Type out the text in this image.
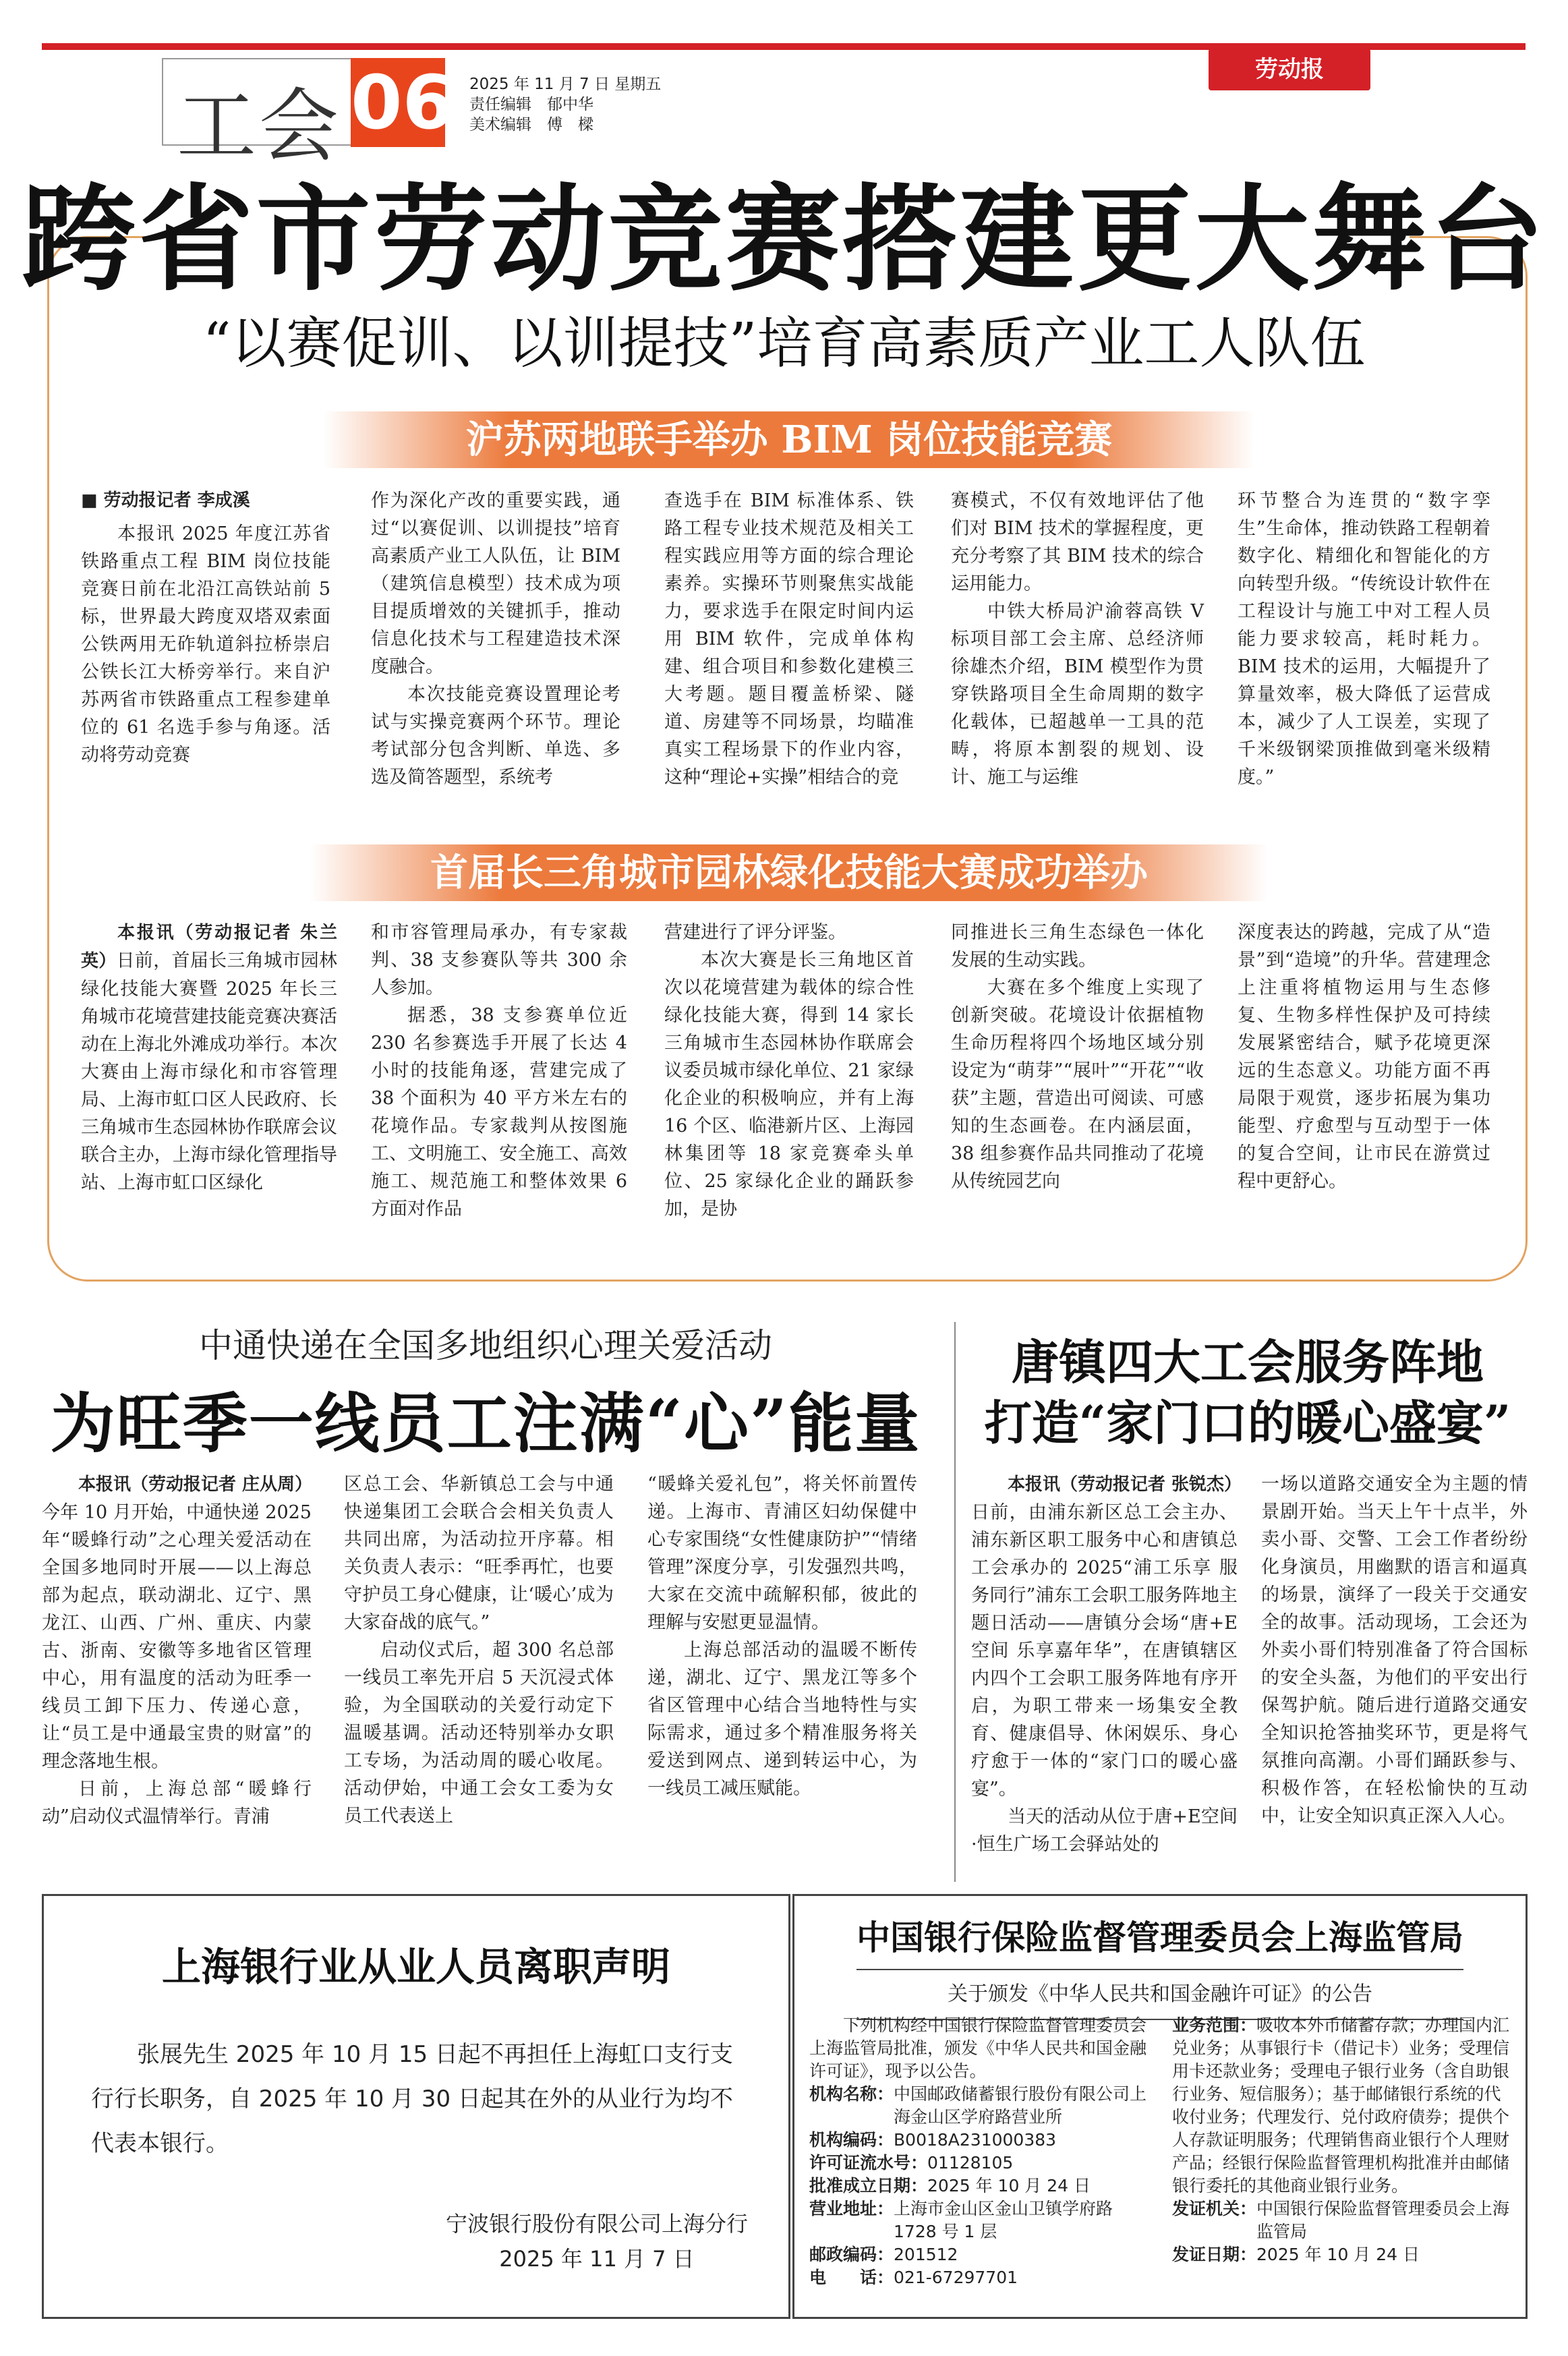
工会 06 2025 年 11 月 7 日 星期五
责任编辑　郁中华
美术编辑　傅　樑
劳动报
跨省市劳动竞赛搭建更大舞台
“以赛促训、以训提技”培育高素质产业工人队伍
沪苏两地联手举办 BIM 岗位技能竞赛

■ 劳动报记者 李成溪

本报讯 2025 年度江苏省铁路重点工程 BIM 岗位技能竞赛日前在北沿江高铁站前 5 标，世界最大跨度双塔双索面公铁两用无砟轨道斜拉桥崇启公铁长江大桥旁举行。来自沪苏两省市铁路重点工程参建单位的 61 名选手参与角逐。活动将劳动竞赛

作为深化产改的重要实践，通过“以赛促训、以训提技”培育高素质产业工人队伍，让 BIM（建筑信息模型）技术成为项目提质增效的关键抓手，推动信息化技术与工程建造技术深度融合。

本次技能竞赛设置理论考试与实操竞赛两个环节。理论考试部分包含判断、单选、多选及简答题型，系统考

查选手在 BIM 标准体系、铁路工程专业技术规范及相关工程实践应用等方面的综合理论素养。实操环节则聚焦实战能力，要求选手在限定时间内运用 BIM 软件，完成单体构建、组合项目和参数化建模三大考题。题目覆盖桥梁、隧道、房建等不同场景，均瞄准真实工程场景下的作业内容，这种“理论+实操”相结合的竞

赛模式，不仅有效地评估了他们对 BIM 技术的掌握程度，更充分考察了其 BIM 技术的综合运用能力。

中铁大桥局沪渝蓉高铁 V 标项目部工会主席、总经济师徐雄杰介绍，BIM 模型作为贯穿铁路项目全生命周期的数字化载体，已超越单一工具的范畴，将原本割裂的规划、设计、施工与运维

环节整合为连贯的“数字孪生”生命体，推动铁路工程朝着数字化、精细化和智能化的方向转型升级。“传统设计软件在工程设计与施工中对工程人员能力要求较高，耗时耗力。BIM 技术的运用，大幅提升了算量效率，极大降低了运营成本，减少了人工误差，实现了千米级钢梁顶推做到毫米级精度。”

首届长三角城市园林绿化技能大赛成功举办

本报讯（劳动报记者 朱兰英）日前，首届长三角城市园林绿化技能大赛暨 2025 年长三角城市花境营建技能竞赛决赛活动在上海北外滩成功举行。本次大赛由上海市绿化和市容管理局、上海市虹口区人民政府、长三角城市生态园林协作联席会议联合主办，上海市绿化管理指导站、上海市虹口区绿化

和市容管理局承办，有专家裁判、38 支参赛队等共 300 余人参加。

据悉，38 支参赛单位近 230 名参赛选手开展了长达 4 小时的技能角逐，营建完成了 38 个面积为 40 平方米左右的花境作品。专家裁判从按图施工、文明施工、安全施工、高效施工、规范施工和整体效果 6 方面对作品

营建进行了评分评鉴。

本次大赛是长三角地区首次以花境营建为载体的综合性绿化技能大赛，得到 14 家长三角城市生态园林协作联席会议委员城市绿化单位、21 家绿化企业的积极响应，并有上海 16 个区、临港新片区、上海园林集团等 18 家竞赛牵头单位、25 家绿化企业的踊跃参加，是协

同推进长三角生态绿色一体化发展的生动实践。

大赛在多个维度上实现了创新突破。花境设计依据植物生命历程将四个场地区域分别设定为“萌芽”“展叶”“开花”“收获”主题，营造出可阅读、可感知的生态画卷。在内涵层面，38 组参赛作品共同推动了花境从传统园艺向

深度表达的跨越，完成了从“造景”到“造境”的升华。营建理念上注重将植物运用与生态修复、生物多样性保护及可持续发展紧密结合，赋予花境更深远的生态意义。功能方面不再局限于观赏，逐步拓展为集功能型、疗愈型与互动型于一体的复合空间，让市民在游赏过程中更舒心。

中通快递在全国多地组织心理关爱活动
为旺季一线员工注满“心”能量

本报讯（劳动报记者 庄从周）今年 10 月开始，中通快递 2025 年“暖蜂行动”之心理关爱活动在全国多地同时开展——以上海总部为起点，联动湖北、辽宁、黑龙江、山西、广州、重庆、内蒙古、浙南、安徽等多地省区管理中心，用有温度的活动为旺季一线员工卸下压力、传递心意，让“员工是中通最宝贵的财富”的理念落地生根。

日前，上海总部“暖蜂行动”启动仪式温情举行。青浦

区总工会、华新镇总工会与中通快递集团工会联合会相关负责人共同出席，为活动拉开序幕。相关负责人表示：“旺季再忙，也要守护员工身心健康，让‘暖心’成为大家奋战的底气。”

启动仪式后，超 300 名总部一线员工率先开启 5 天沉浸式体验，为全国联动的关爱行动定下温暖基调。活动还特别举办女职工专场，为活动周的暖心收尾。活动伊始，中通工会女工委为女员工代表送上

“暖蜂关爱礼包”，将关怀前置传递。上海市、青浦区妇幼保健中心专家围绕“女性健康防护”“情绪管理”深度分享，引发强烈共鸣，大家在交流中疏解积郁，彼此的理解与安慰更显温情。

上海总部活动的温暖不断传递，湖北、辽宁、黑龙江等多个省区管理中心结合当地特性与实际需求，通过多个精准服务将关爱送到网点、递到转运中心，为一线员工减压赋能。

唐镇四大工会服务阵地
打造“家门口的暖心盛宴”

本报讯（劳动报记者 张锐杰）日前，由浦东新区总工会主办、浦东新区职工服务中心和唐镇总工会承办的 2025“浦工乐享 服务同行”浦东工会职工服务阵地主题日活动——唐镇分会场“唐+E 空间 乐享嘉年华”，在唐镇辖区内四个工会职工服务阵地有序开启，为职工带来一场集安全教育、健康倡导、休闲娱乐、身心疗愈于一体的“家门口的暖心盛宴”。

当天的活动从位于唐+E空间·恒生广场工会驿站处的

一场以道路交通安全为主题的情景剧开始。当天上午十点半，外卖小哥、交警、工会工作者纷纷化身演员，用幽默的语言和逼真的场景，演绎了一段关于交通安全的故事。活动现场，工会还为外卖小哥们特别准备了符合国标的安全头盔，为他们的平安出行保驾护航。随后进行道路交通安全知识抢答抽奖环节，更是将气氛推向高潮。小哥们踊跃参与、积极作答，在轻松愉快的互动中，让安全知识真正深入人心。

上海银行业从业人员离职声明
张展先生 2025 年 10 月 15 日起不再担任上海虹口支行支行行长职务，自 2025 年 10 月 30 日起其在外的从业行为均不代表本银行。
宁波银行股份有限公司上海分行
2025 年 11 月 7 日
中国银行保险监督管理委员会上海监管局
关于颁发《中华人民共和国金融许可证》的公告

下列机构经中国银行保险监督管理委员会上海监管局批准，颁发《中华人民共和国金融许可证》，现予以公告。

机构名称： 中国邮政储蓄银行股份有限公司上海金山区学府路营业所
机构编码： B0018A231000383
许可证流水号： 01128105
批准成立日期： 2025 年 10 月 24 日
营业地址： 上海市金山区金山卫镇学府路 1728 号 1 层
邮政编码： 201512
电　　话： 021-67297701

业务范围：吸收本外币储蓄存款；办理国内汇兑业务；从事银行卡（借记卡）业务；受理信用卡还款业务；受理电子银行业务（含自助银行业务、短信服务）；基于邮储银行系统的代收付业务；代理发行、兑付政府债券；提供个人存款证明服务；代理销售商业银行个人理财产品；经银行保险监督管理机构批准并由邮储银行委托的其他商业银行业务。

发证机关： 中国银行保险监督管理委员会上海监管局
发证日期： 2025 年 10 月 24 日
